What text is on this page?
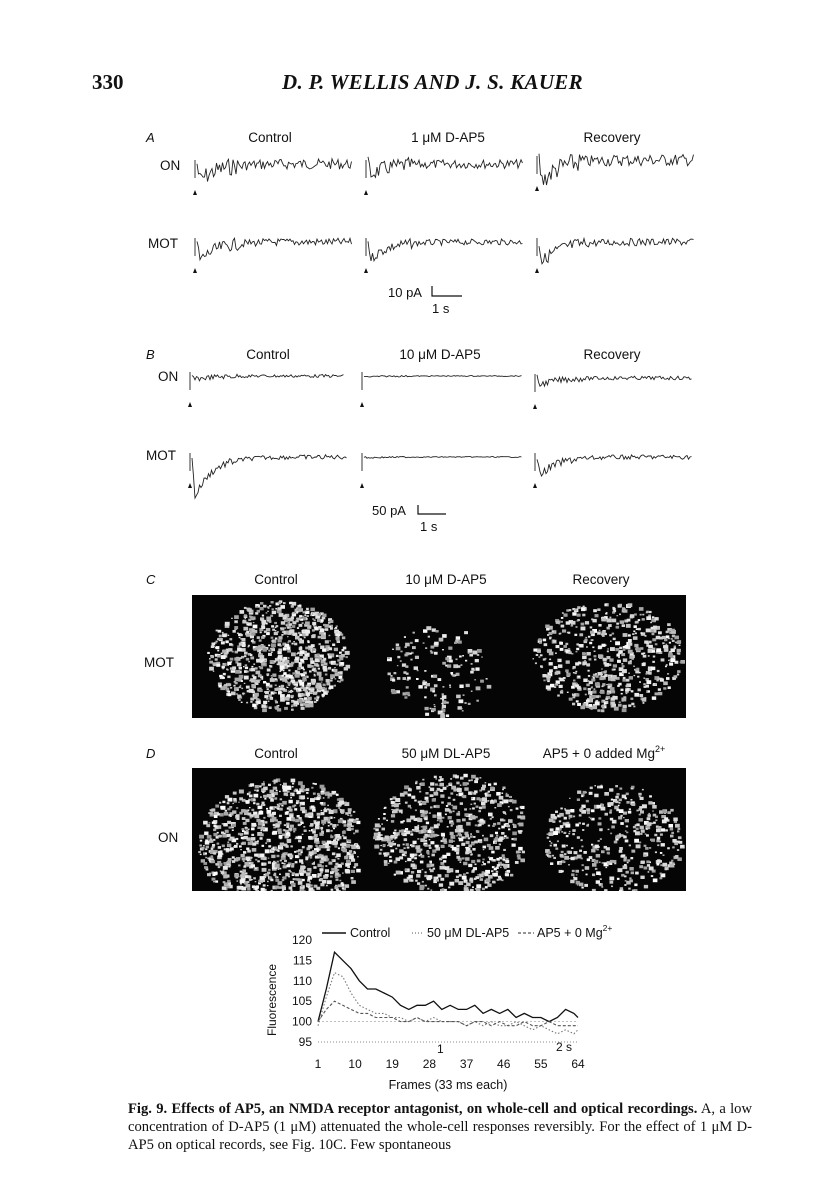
330	D. P. WELLIS AND J. S. KAUER
A	Control	1 μM D-AP5	Recovery
ON
MOT
10 pA
1 s
B	Control	10 μM D-AP5	Recovery
ON
MOT
50 pA
1 s
C	Control	10 μM D-AP5	Recovery
MOT
★
D	Control	50 μM DL-AP5	AP5 + 0 added $Mg^{2+}$
ON
★
Control	50 μM DL-AP5 AP5 + 0 $Mg^{2+}$
Fluorescence
95
100
105
110
115
120
1 10 19 28 37 46 55 64
1	2 s
Frames (33 ms each)
Fig. 9. Effects of AP5, an NMDA receptor antagonist, on whole-cell and optical recordings. A, a low concentration of D-AP5 (1 μM) attenuated the whole-cell responses reversibly. For the effect of 1 μM D-AP5 on optical records, see Fig. 10C. Few spontaneous
